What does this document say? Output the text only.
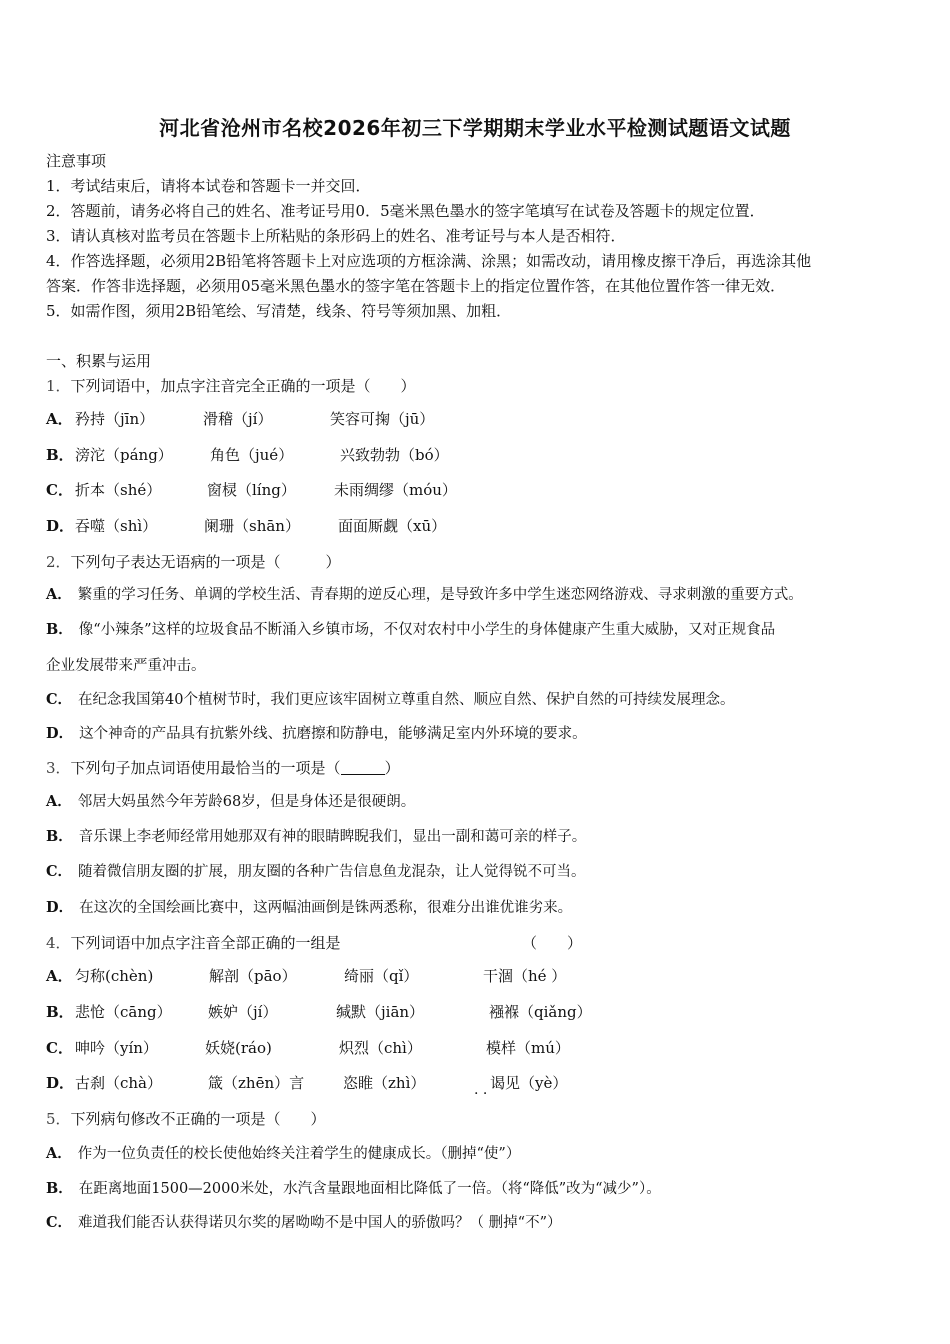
河北省沧州市名校2026年初三下学期期末学业水平检测试题语文试题
注意事项
1．考试结束后，请将本试卷和答题卡一并交回．
2．答题前，请务必将自己的姓名、准考证号用0．5毫米黑色墨水的签字笔填写在试卷及答题卡的规定位置．
3．请认真核对监考员在答题卡上所粘贴的条形码上的姓名、准考证号与本人是否相符．
4．作答选择题，必须用2B铅笔将答题卡上对应选项的方框涂满、涂黑；如需改动，请用橡皮擦干净后，再选涂其他
答案．作答非选择题，必须用05毫米黑色墨水的签字笔在答题卡上的指定位置作答，在其他位置作答一律无效．
5．如需作图，须用2B铅笔绘、写清楚，线条、符号等须加黑、加粗．
一、积累与运用
1．下列词语中，加点字注音完全正确的一项是（　　）
A． 矜持（jīn）	滑稽（jí）	笑容可掬（jū）
B． 滂沱（páng） 角色（jué）	兴致勃勃（bó）
C． 折本（shé）	窗棂（líng）	未雨绸缪（móu）
D． 吞噬（shì）	阑珊（shān）	面面厮觑（xū）
2．下列句子表达无语病的一项是（　　　）
A． 繁重的学习任务、单调的学校生活、青春期的逆反心理，是导致许多中学生迷恋网络游戏、寻求刺激的重要方式。
B． 像“小辣条”这样的垃圾食品不断涌入乡镇市场，不仅对农村中小学生的身体健康产生重大威胁，又对正规食品
企业发展带来严重冲击。
C． 在纪念我国第40个植树节时，我们更应该牢固树立尊重自然、顺应自然、保护自然的可持续发展理念。
D． 这个神奇的产品具有抗紫外线、抗磨擦和防静电，能够满足室内外环境的要求。
3．下列句子加点词语使用最恰当的一项是（	）
A． 邻居大妈虽然今年芳龄68岁，但是身体还是很硬朗。
B． 音乐课上李老师经常用她那双有神的眼睛睥睨我们，显出一副和蔼可亲的样子。
C． 随着微信朋友圈的扩展，朋友圈的各种广告信息鱼龙混杂，让人觉得锐不可当。
D． 在这次的全国绘画比赛中，这两幅油画倒是铢两悉称，很难分出谁优谁劣来。
4．下列词语中加点字注音全部正确的一组是	（　　）
A． 匀称(chèn)	解剖（pāo）	绮丽（qǐ）	干涸（hé ）
B． 悲怆（cāng） 嫉妒（jí）	缄默（jiān）	襁褓（qiǎng）
C． 呻吟（yín）	妖娆(ráo)	炽烈（chì）	模样（mú）
D． 古刹（chà）	箴（zhēn）言	恣睢（zhì）	谒见（yè）
. .
5．下列病句修改不正确的一项是（　　）
A． 作为一位负责任的校长使他始终关注着学生的健康成长。（删掉“使”）
B． 在距离地面1500—2000米处，水汽含量跟地面相比降低了一倍。（将“降低”改为“减少”）。
C． 难道我们能否认获得诺贝尔奖的屠呦呦不是中国人的骄傲吗？（ 删掉“不”）
